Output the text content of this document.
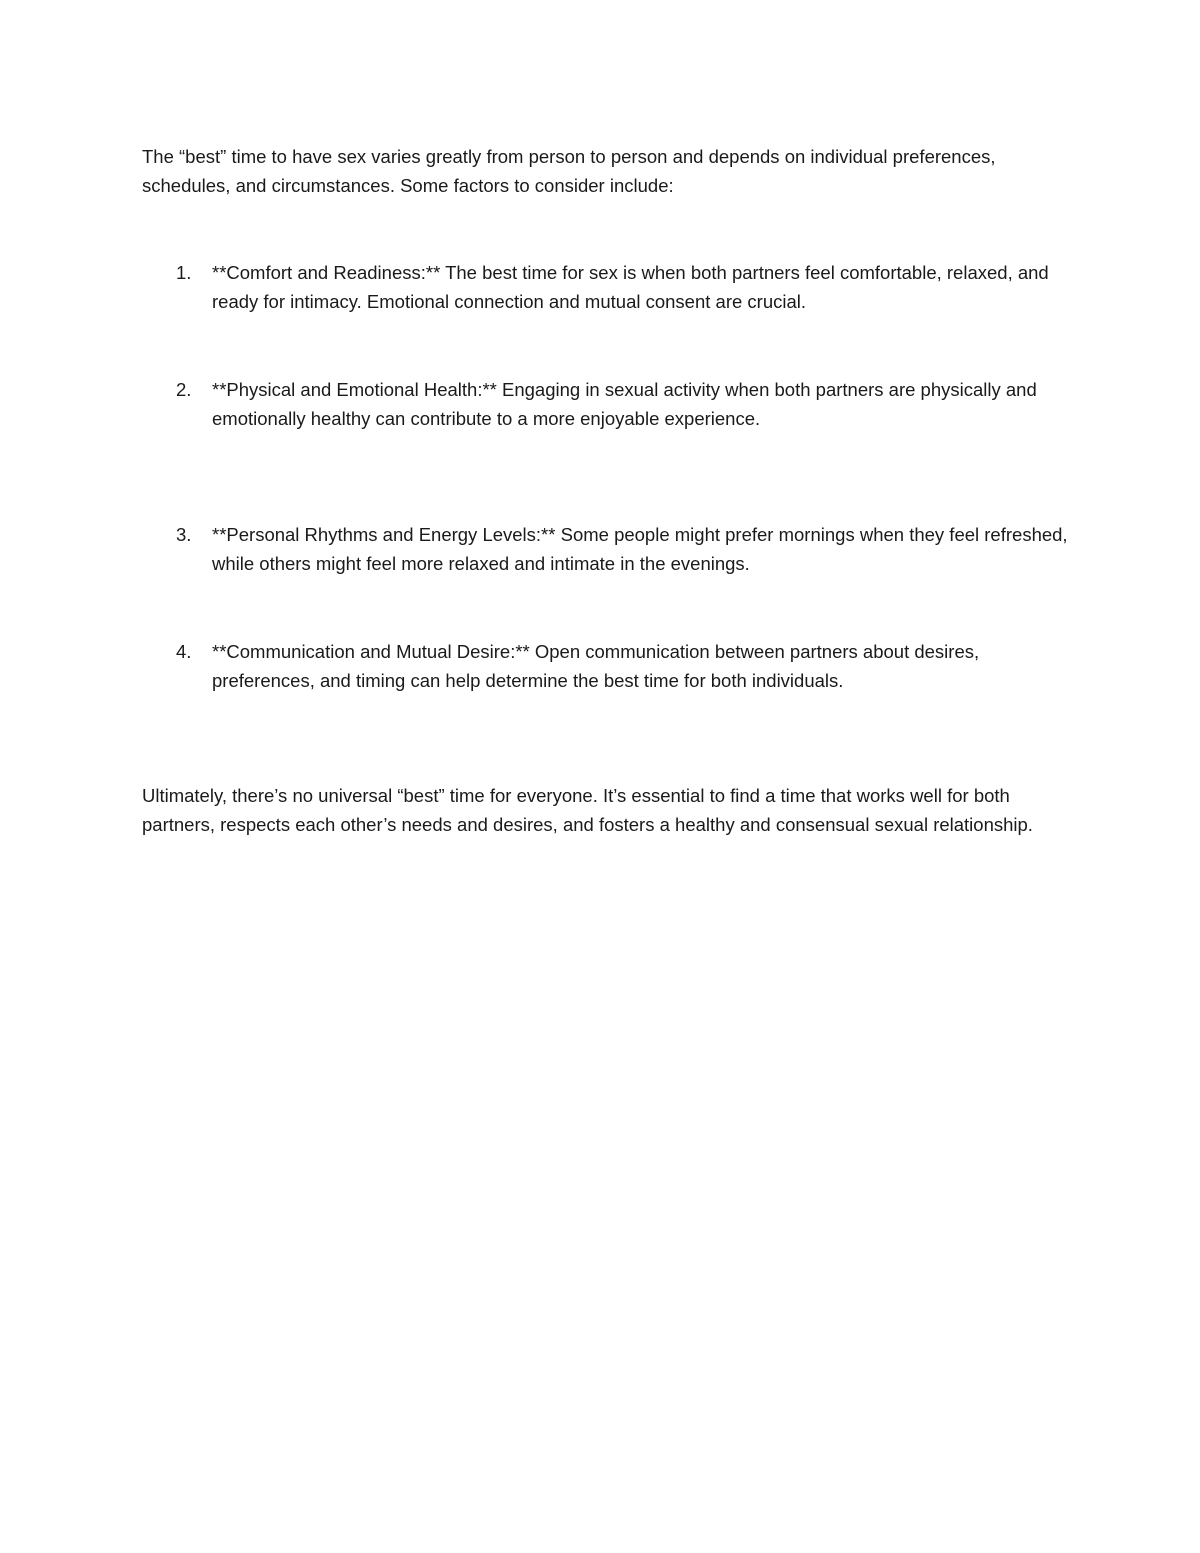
The “best” time to have sex varies greatly from person to person and depends on individual preferences, schedules, and circumstances. Some factors to consider include:

1.	**Comfort and Readiness:** The best time for sex is when both partners feel comfortable, relaxed, and ready for intimacy. Emotional connection and mutual consent are crucial.

2.	**Physical and Emotional Health:** Engaging in sexual activity when both partners are physically and emotionally healthy can contribute to a more enjoyable experience.

3.	**Personal Rhythms and Energy Levels:** Some people might prefer mornings when they feel refreshed, while others might feel more relaxed and intimate in the evenings.

4.	**Communication and Mutual Desire:** Open communication between partners about desires, preferences, and timing can help determine the best time for both individuals.

Ultimately, there’s no universal “best” time for everyone. It’s essential to find a time that works well for both partners, respects each other’s needs and desires, and fosters a healthy and consensual sexual relationship.
